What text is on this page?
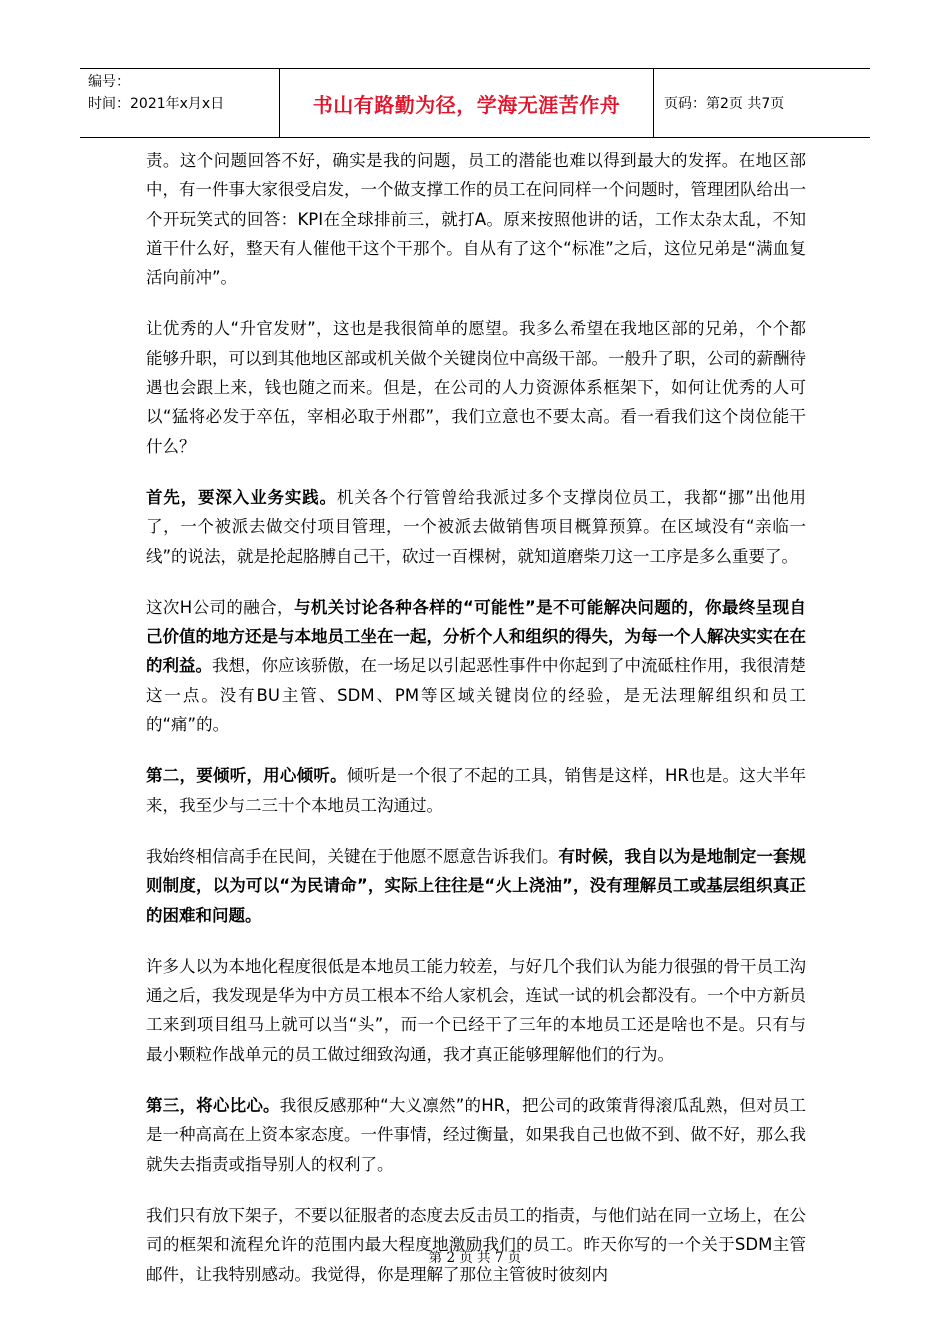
编号：
时间：2021年x月x日	书山有路勤为径，学海无涯苦作舟	页码：第2页 共7页

责。这个问题回答不好，确实是我的问题，员工的潜能也难以得到最大的发挥。在地区部中，有一件事大家很受启发，一个做支撑工作的员工在问同样一个问题时，管理团队给出一个开玩笑式的回答：KPI在全球排前三，就打A。原来按照他讲的话，工作太杂太乱，不知道干什么好，整天有人催他干这个干那个。自从有了这个“标准”之后，这位兄弟是“满血复活向前冲”。

让优秀的人“升官发财”，这也是我很简单的愿望。我多么希望在我地区部的兄弟，个个都能够升职，可以到其他地区部或机关做个关键岗位中高级干部。一般升了职，公司的薪酬待遇也会跟上来，钱也随之而来。但是，在公司的人力资源体系框架下，如何让优秀的人可以“猛将必发于卒伍，宰相必取于州郡”，我们立意也不要太高。看一看我们这个岗位能干什么？

首先，要深入业务实践。机关各个行管曾给我派过多个支撑岗位员工，我都“挪”出他用了，一个被派去做交付项目管理，一个被派去做销售项目概算预算。在区域没有“亲临一线”的说法，就是抡起胳膊自己干，砍过一百棵树，就知道磨柴刀这一工序是多么重要了。

这次H公司的融合，与机关讨论各种各样的“可能性”是不可能解决问题的，你最终呈现自己价值的地方还是与本地员工坐在一起，分析个人和组织的得失，为每一个人解决实实在在的利益。我想，你应该骄傲，在一场足以引起恶性事件中你起到了中流砥柱作用，我很清楚这一点。没有BU主管、SDM、PM等区域关键岗位的经验，是无法理解组织和员工的“痛”的。

第二，要倾听，用心倾听。倾听是一个很了不起的工具，销售是这样，HR也是。这大半年来，我至少与二三十个本地员工沟通过。

我始终相信高手在民间，关键在于他愿不愿意告诉我们。有时候，我自以为是地制定一套规则制度，以为可以“为民请命”，实际上往往是“火上浇油”，没有理解员工或基层组织真正的困难和问题。

许多人以为本地化程度很低是本地员工能力较差，与好几个我们认为能力很强的骨干员工沟通之后，我发现是华为中方员工根本不给人家机会，连试一试的机会都没有。一个中方新员工来到项目组马上就可以当“头”，而一个已经干了三年的本地员工还是啥也不是。只有与最小颗粒作战单元的员工做过细致沟通，我才真正能够理解他们的行为。

第三，将心比心。我很反感那种“大义凛然”的HR，把公司的政策背得滚瓜乱熟，但对员工是一种高高在上资本家态度。一件事情，经过衡量，如果我自己也做不到、做不好，那么我就失去指责或指导别人的权利了。

我们只有放下架子，不要以征服者的态度去反击员工的指责，与他们站在同一立场上，在公司的框架和流程允许的范围内最大程度地激励我们的员工。昨天你写的一个关于SDM主管邮件，让我特别感动。我觉得，你是理解了那位主管彼时彼刻内

第 2 页 共 7 页
